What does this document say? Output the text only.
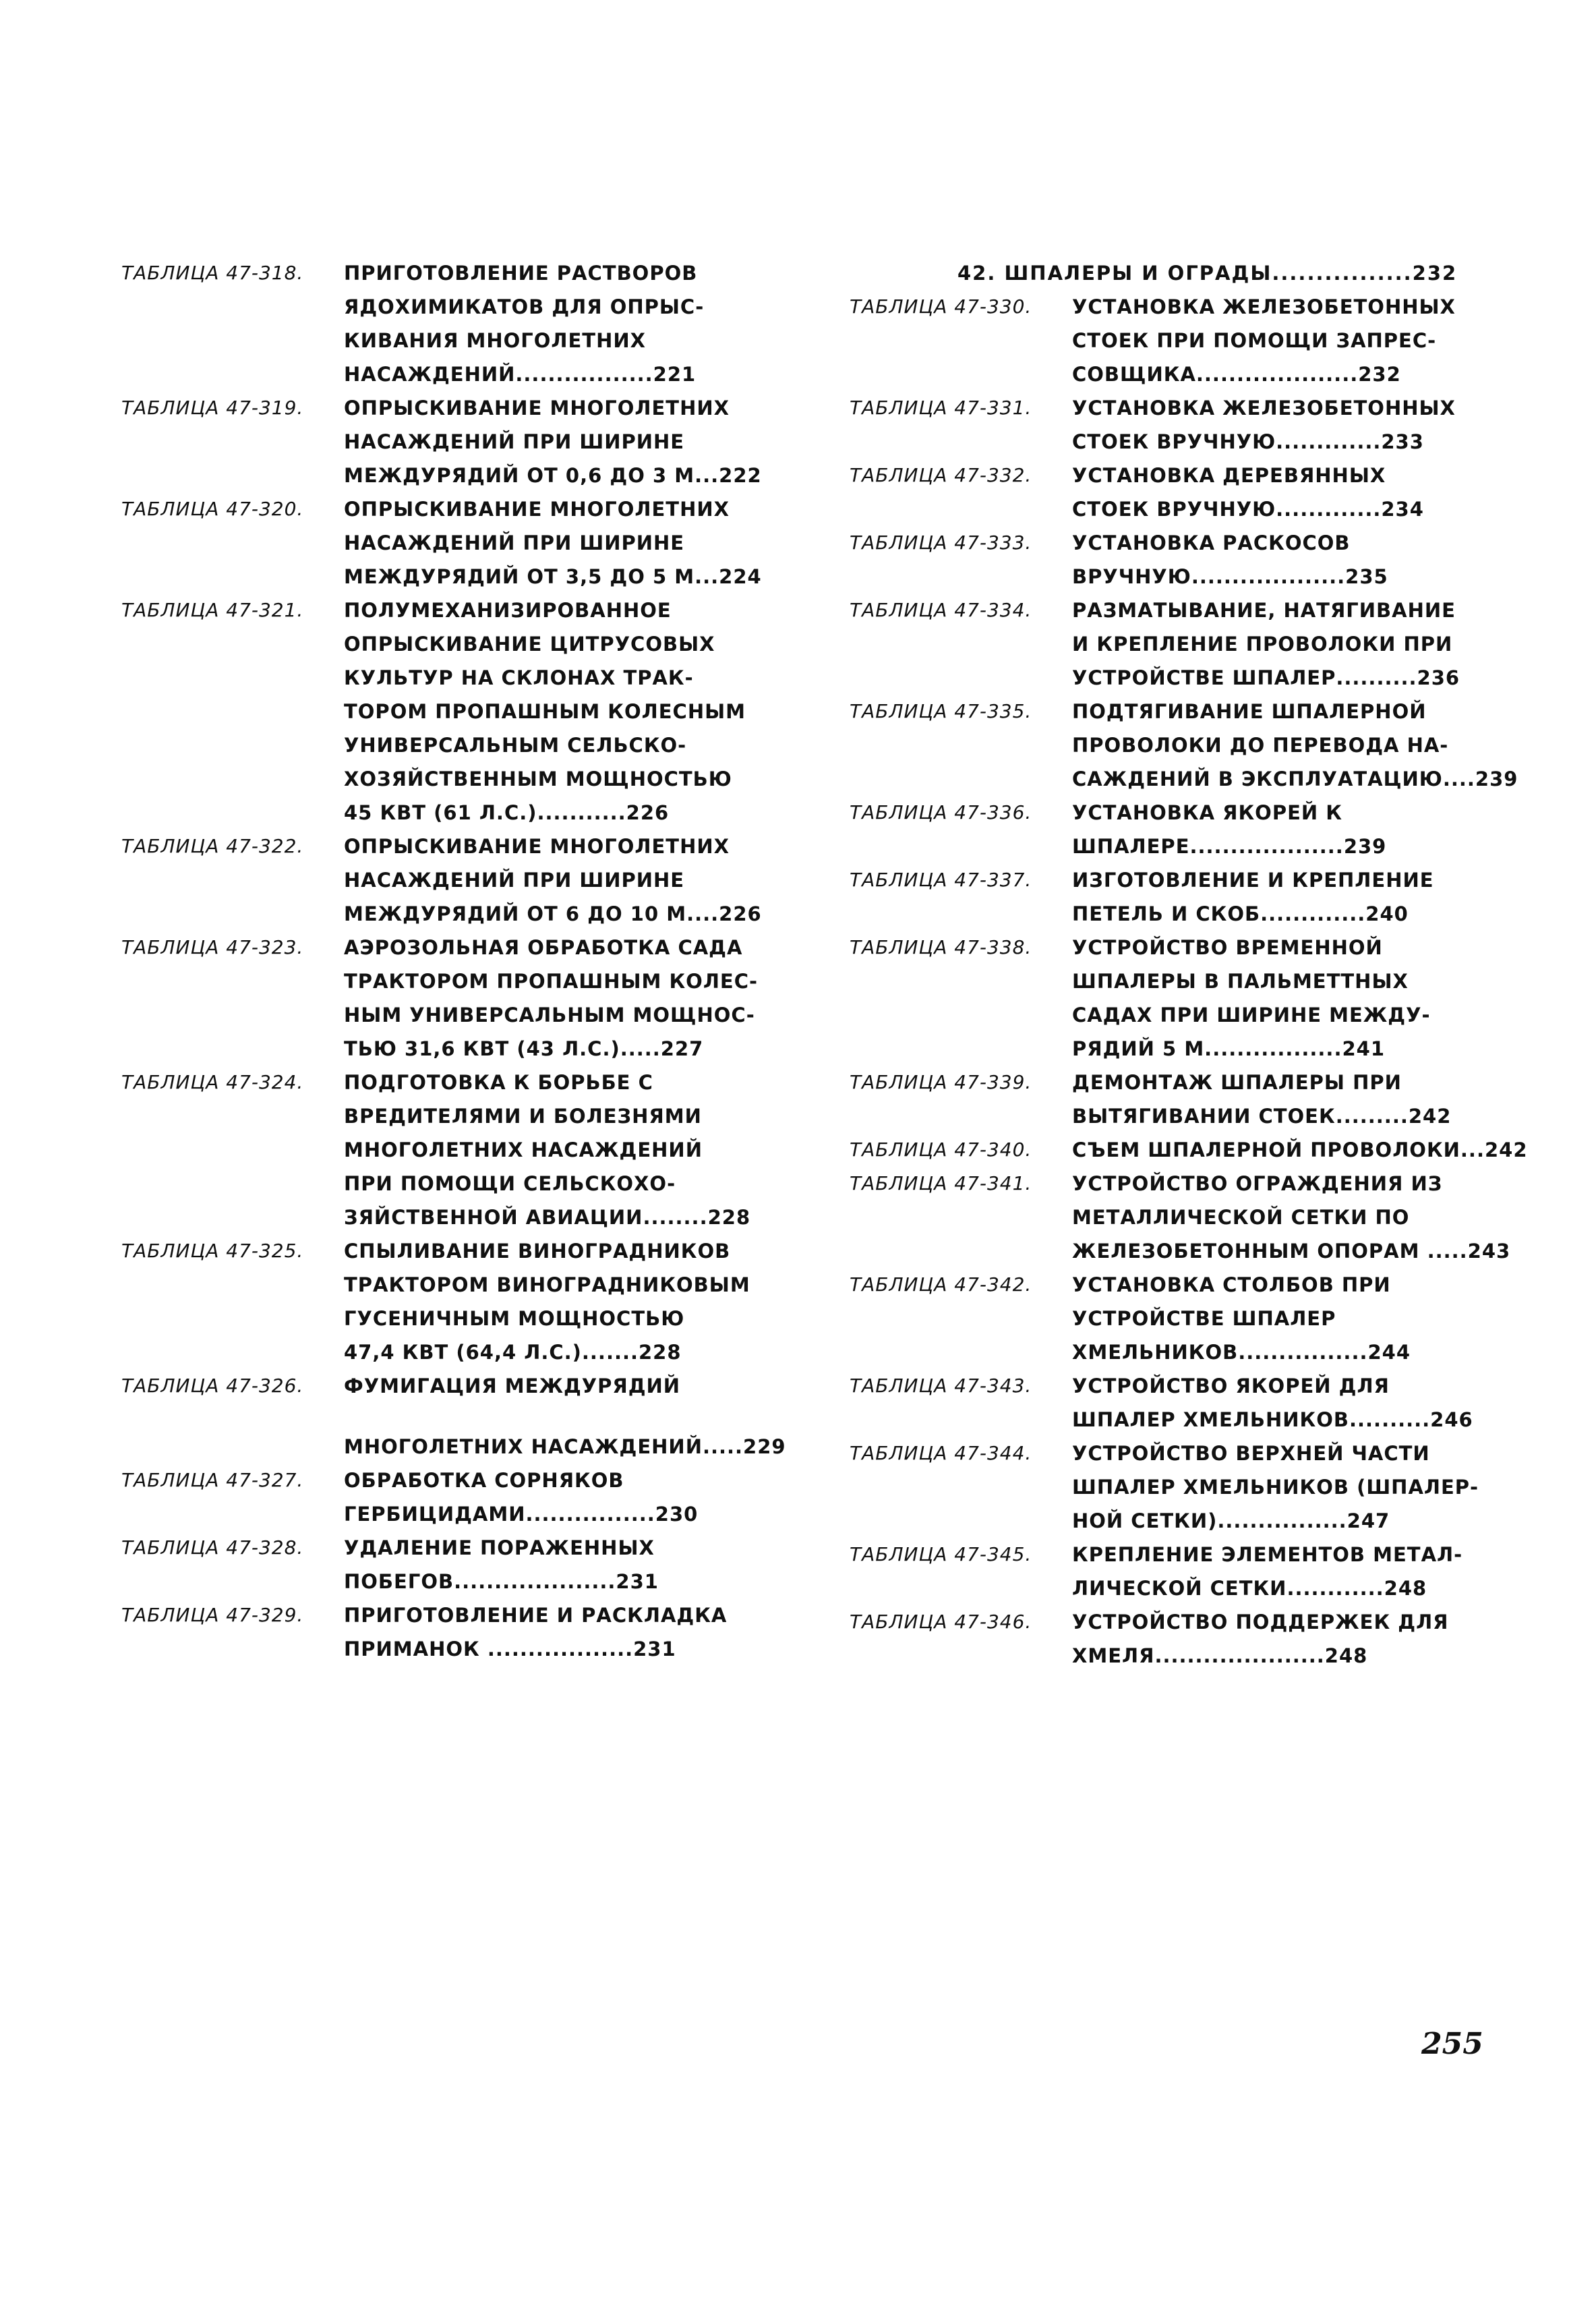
ТАБЛИЦА 47-318.	ПРИГОТОВЛЕНИЕ РАСТВОРОВ
ЯДОХИМИКАТОВ ДЛЯ ОПРЫС-
КИВАНИЯ МНОГОЛЕТНИХ
НАСАЖДЕНИЙ.................221
ТАБЛИЦА 47-319.	ОПРЫСКИВАНИЕ МНОГОЛЕТНИХ
НАСАЖДЕНИЙ ПРИ ШИРИНЕ
МЕЖДУРЯДИЙ ОТ 0,6 ДО 3 М...222
ТАБЛИЦА 47-320.	ОПРЫСКИВАНИЕ МНОГОЛЕТНИХ
НАСАЖДЕНИЙ ПРИ ШИРИНЕ
МЕЖДУРЯДИЙ ОТ 3,5 ДО 5 М...224
ТАБЛИЦА 47-321.	ПОЛУМЕХАНИЗИРОВАННОЕ
ОПРЫСКИВАНИЕ ЦИТРУСОВЫХ
КУЛЬТУР НА СКЛОНАХ ТРАК-
ТОРОМ ПРОПАШНЫМ КОЛЕСНЫМ
УНИВЕРСАЛЬНЫМ СЕЛЬСКО-
ХОЗЯЙСТВЕННЫМ МОЩНОСТЬЮ
45 КВТ (61 Л.С.)...........226
ТАБЛИЦА 47-322.	ОПРЫСКИВАНИЕ МНОГОЛЕТНИХ
НАСАЖДЕНИЙ ПРИ ШИРИНЕ
МЕЖДУРЯДИЙ ОТ 6 ДО 10 М....226
ТАБЛИЦА 47-323.	АЭРОЗОЛЬНАЯ ОБРАБОТКА САДА
ТРАКТОРОМ ПРОПАШНЫМ КОЛЕС-
НЫМ УНИВЕРСАЛЬНЫМ МОЩНОС-
ТЬЮ 31,6 КВТ (43 Л.С.).....227
ТАБЛИЦА 47-324.	ПОДГОТОВКА К БОРЬБЕ С
ВРЕДИТЕЛЯМИ И БОЛЕЗНЯМИ
МНОГОЛЕТНИХ НАСАЖДЕНИЙ
ПРИ ПОМОЩИ СЕЛЬСКОХО-
ЗЯЙСТВЕННОЙ АВИАЦИИ........228
ТАБЛИЦА 47-325.	СПЫЛИВАНИЕ ВИНОГРАДНИКОВ
ТРАКТОРОМ ВИНОГРАДНИКОВЫМ
ГУСЕНИЧНЫМ МОЩНОСТЬЮ
47,4 КВТ (64,4 Л.С.).......228
ТАБЛИЦА 47-326.	ФУМИГАЦИЯ МЕЖДУРЯДИЙ
МНОГОЛЕТНИХ НАСАЖДЕНИЙ.....229
ТАБЛИЦА 47-327.	ОБРАБОТКА СОРНЯКОВ
ГЕРБИЦИДАМИ................230
ТАБЛИЦА 47-328.	УДАЛЕНИЕ ПОРАЖЕННЫХ
ПОБЕГОВ....................231
ТАБЛИЦА 47-329.	ПРИГОТОВЛЕНИЕ И РАСКЛАДКА
ПРИМАНОК ..................231
42. ШПАЛЕРЫ И ОГРАДЫ................232
ТАБЛИЦА 47-330.	УСТАНОВКА ЖЕЛЕЗОБЕТОННЫХ
СТОЕК ПРИ ПОМОЩИ ЗАПРЕС-
СОВЩИКА....................232
ТАБЛИЦА 47-331.	УСТАНОВКА ЖЕЛЕЗОБЕТОННЫХ
СТОЕК ВРУЧНУЮ.............233
ТАБЛИЦА 47-332.	УСТАНОВКА ДЕРЕВЯННЫХ
СТОЕК ВРУЧНУЮ.............234
ТАБЛИЦА 47-333.	УСТАНОВКА РАСКОСОВ
ВРУЧНУЮ...................235
ТАБЛИЦА 47-334.	РАЗМАТЫВАНИЕ, НАТЯГИВАНИЕ
И КРЕПЛЕНИЕ ПРОВОЛОКИ ПРИ
УСТРОЙСТВЕ ШПАЛЕР..........236
ТАБЛИЦА 47-335.	ПОДТЯГИВАНИЕ ШПАЛЕРНОЙ
ПРОВОЛОКИ ДО ПЕРЕВОДА НА-
САЖДЕНИЙ В ЭКСПЛУАТАЦИЮ....239
ТАБЛИЦА 47-336.	УСТАНОВКА ЯКОРЕЙ К
ШПАЛЕРЕ...................239
ТАБЛИЦА 47-337.	ИЗГОТОВЛЕНИЕ И КРЕПЛЕНИЕ
ПЕТЕЛЬ И СКОБ.............240
ТАБЛИЦА 47-338.	УСТРОЙСТВО ВРЕМЕННОЙ
ШПАЛЕРЫ В ПАЛЬМЕТТНЫХ
САДАХ ПРИ ШИРИНЕ МЕЖДУ-
РЯДИЙ 5 М.................241
ТАБЛИЦА 47-339.	ДЕМОНТАЖ ШПАЛЕРЫ ПРИ
ВЫТЯГИВАНИИ СТОЕК.........242
ТАБЛИЦА 47-340.	СЪЕМ ШПАЛЕРНОЙ ПРОВОЛОКИ...242
ТАБЛИЦА 47-341.	УСТРОЙСТВО ОГРАЖДЕНИЯ ИЗ
МЕТАЛЛИЧЕСКОЙ СЕТКИ ПО
ЖЕЛЕЗОБЕТОННЫМ ОПОРАМ .....243
ТАБЛИЦА 47-342.	УСТАНОВКА СТОЛБОВ ПРИ
УСТРОЙСТВЕ ШПАЛЕР
ХМЕЛЬНИКОВ................244
ТАБЛИЦА 47-343.	УСТРОЙСТВО ЯКОРЕЙ ДЛЯ
ШПАЛЕР ХМЕЛЬНИКОВ..........246
ТАБЛИЦА 47-344.	УСТРОЙСТВО ВЕРХНЕЙ ЧАСТИ
ШПАЛЕР ХМЕЛЬНИКОВ (ШПАЛЕР-
НОЙ СЕТКИ)................247
ТАБЛИЦА 47-345.	КРЕПЛЕНИЕ ЭЛЕМЕНТОВ МЕТАЛ-
ЛИЧЕСКОЙ СЕТКИ............248
ТАБЛИЦА 47-346.	УСТРОЙСТВО ПОДДЕРЖЕК ДЛЯ
ХМЕЛЯ.....................248
255
